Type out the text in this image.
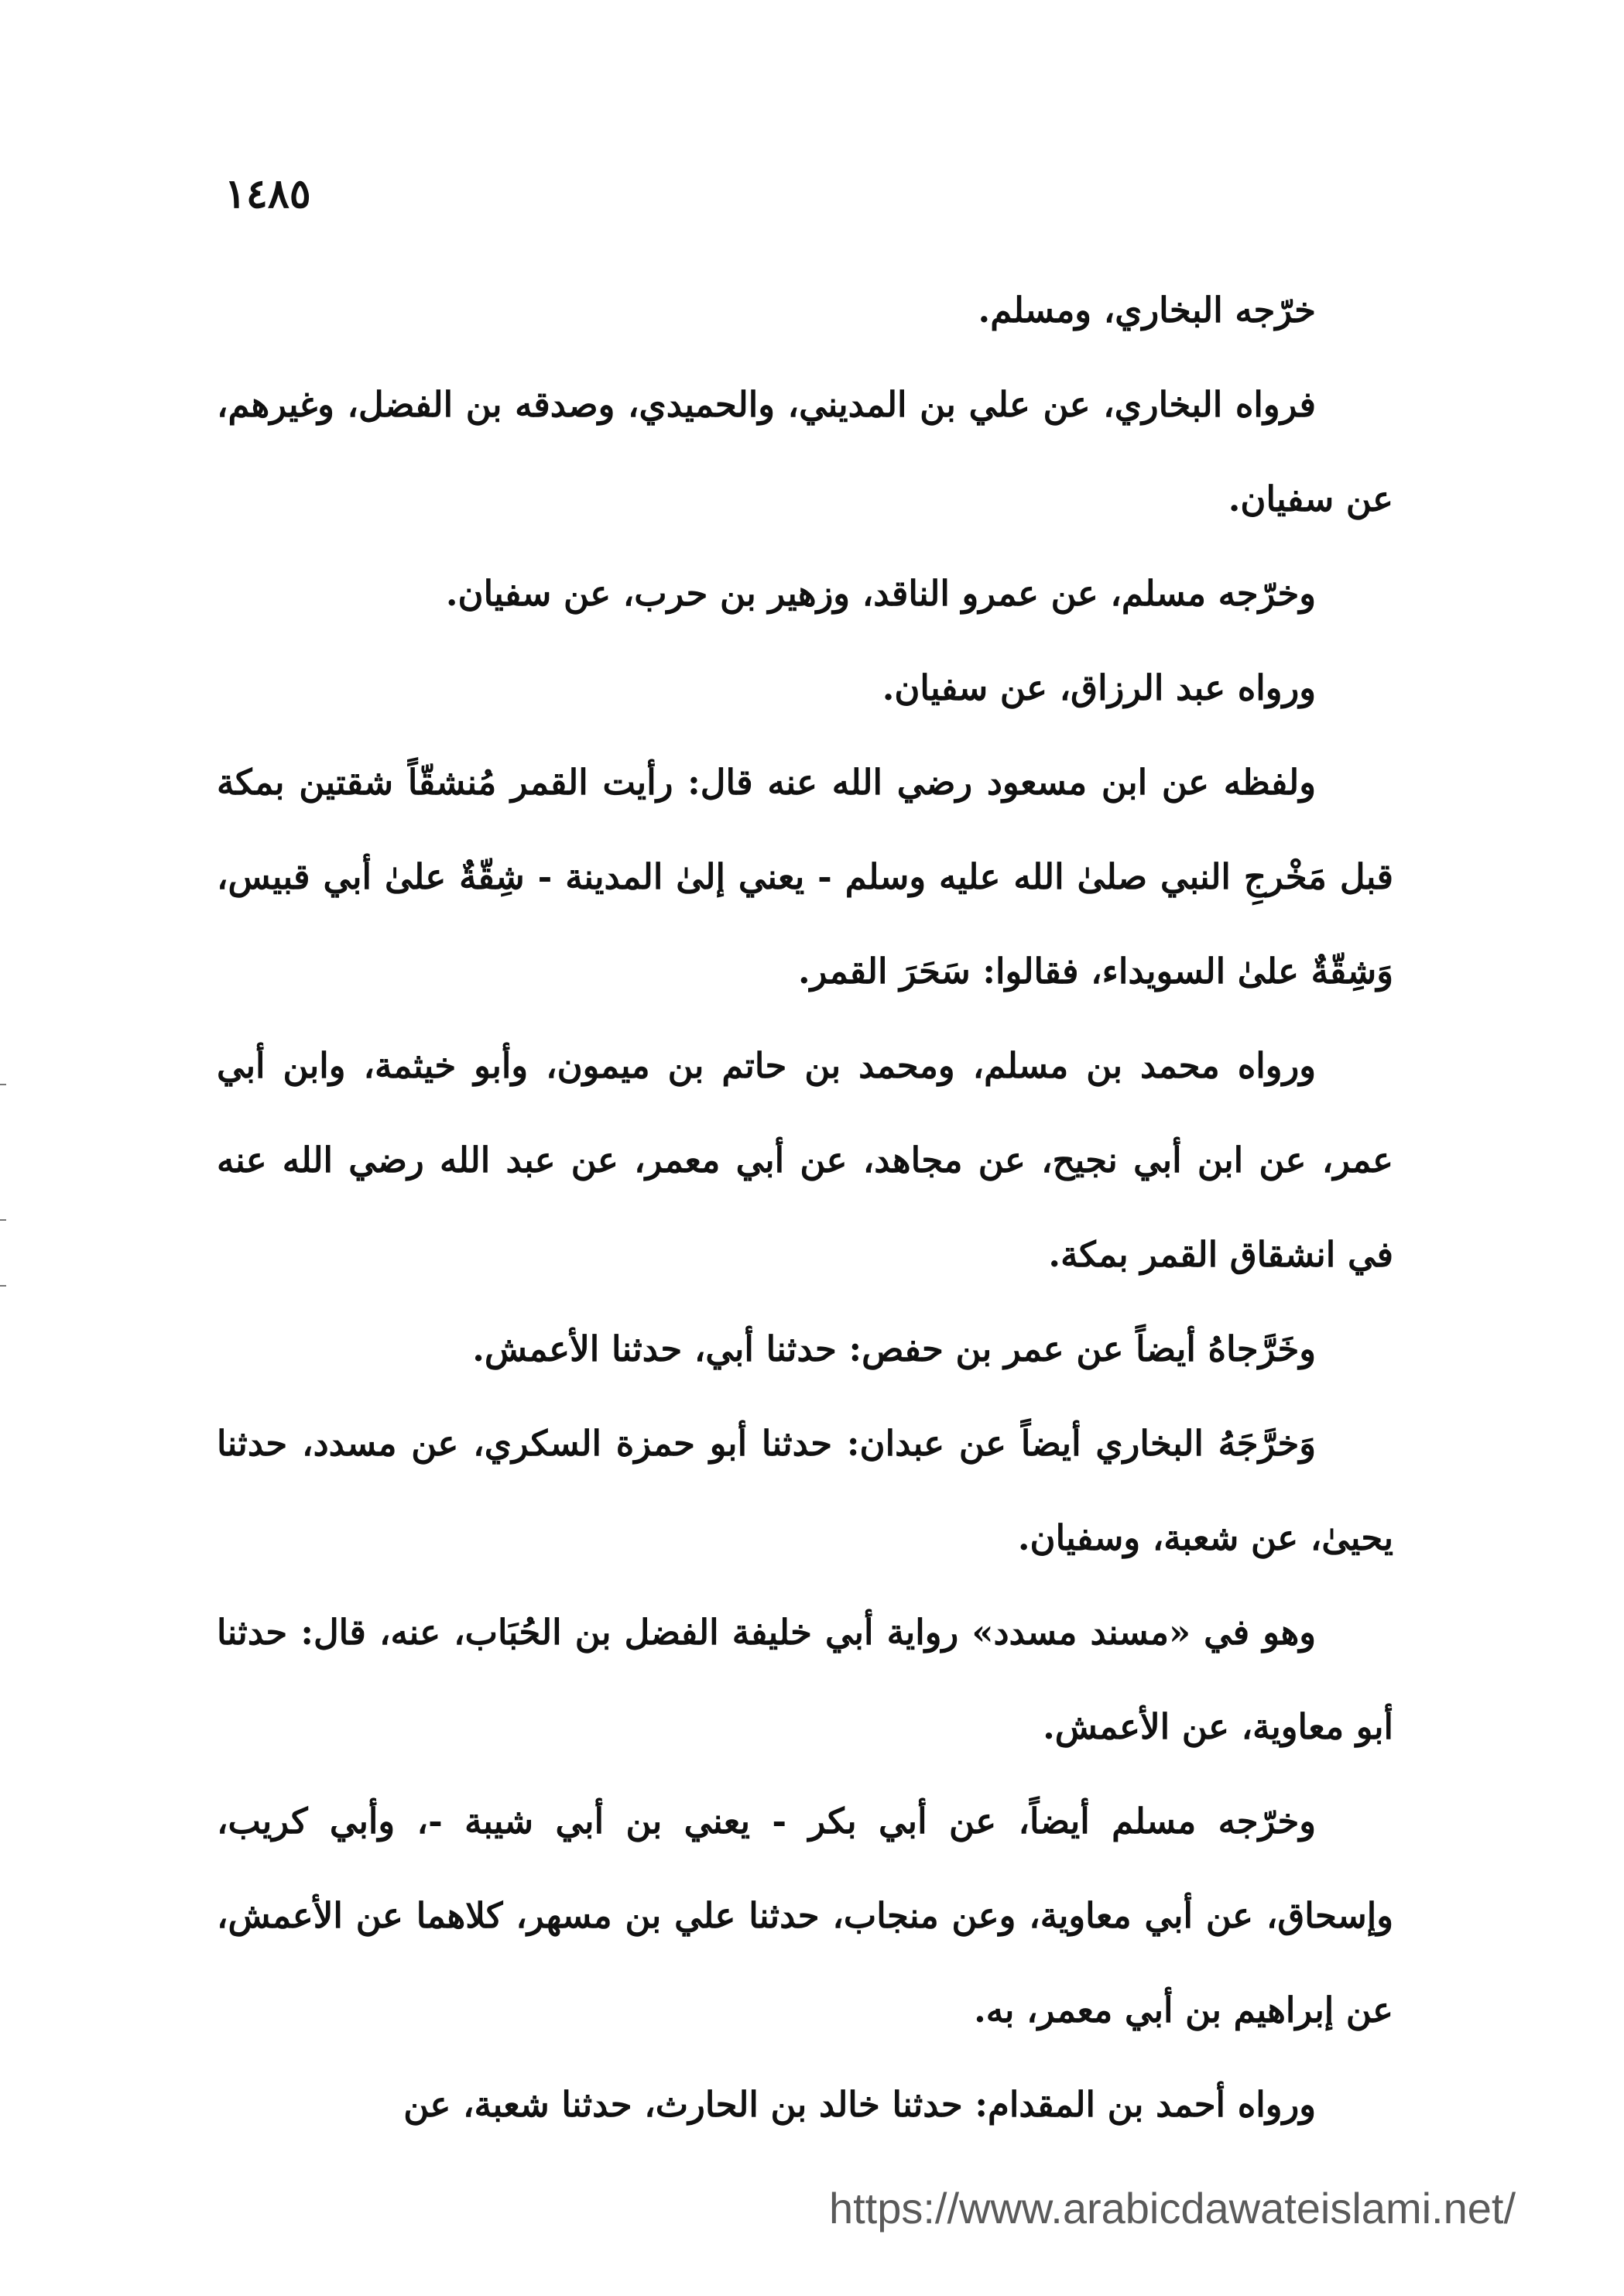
١٤٨٥

خرّجه البخاري، ومسلم.

فرواه البخاري، عن علي بن المديني، والحميدي، وصدقه بن الفضل، وغيرهم، عن سفيان.

وخرّجه مسلم، عن عمرو الناقد، وزهير بن حرب، عن سفيان.

ورواه عبد الرزاق، عن سفيان.

ولفظه عن ابن مسعود رضي الله عنه قال: رأيت القمر مُنشقّاً شقتين بمكة قبل مَخْرجِ النبي صلىٰ الله عليه وسلم - يعني إلىٰ المدينة - شِقّةٌ علىٰ أبي قبيس، وَشِقّةٌ علىٰ السويداء، فقالوا: سَحَرَ القمر.

ورواه محمد بن مسلم، ومحمد بن حاتم بن ميمون، وأبو خيثمة، وابن أبي عمر، عن ابن أبي نجيح، عن مجاهد، عن أبي معمر، عن عبد الله رضي الله عنه في انشقاق القمر بمكة.

وخَرَّجاهُ أيضاً عن عمر بن حفص: حدثنا أبي، حدثنا الأعمش.

وَخرَّجَهُ البخاري أيضاً عن عبدان: حدثنا أبو حمزة السكري، عن مسدد، حدثنا يحيىٰ، عن شعبة، وسفيان.

وهو في «مسند مسدد» رواية أبي خليفة الفضل بن الحُبَاب، عنه، قال: حدثنا أبو معاوية، عن الأعمش.

وخرّجه مسلم أيضاً، عن أبي بكر - يعني بن أبي شيبة -، وأبي كريب، وإسحاق، عن أبي معاوية، وعن منجاب، حدثنا علي بن مسهر، كلاهما عن الأعمش، عن إبراهيم بن أبي معمر، به.

ورواه أحمد بن المقدام: حدثنا خالد بن الحارث، حدثنا شعبة، عن

https://www.arabicdawateislami.net/
